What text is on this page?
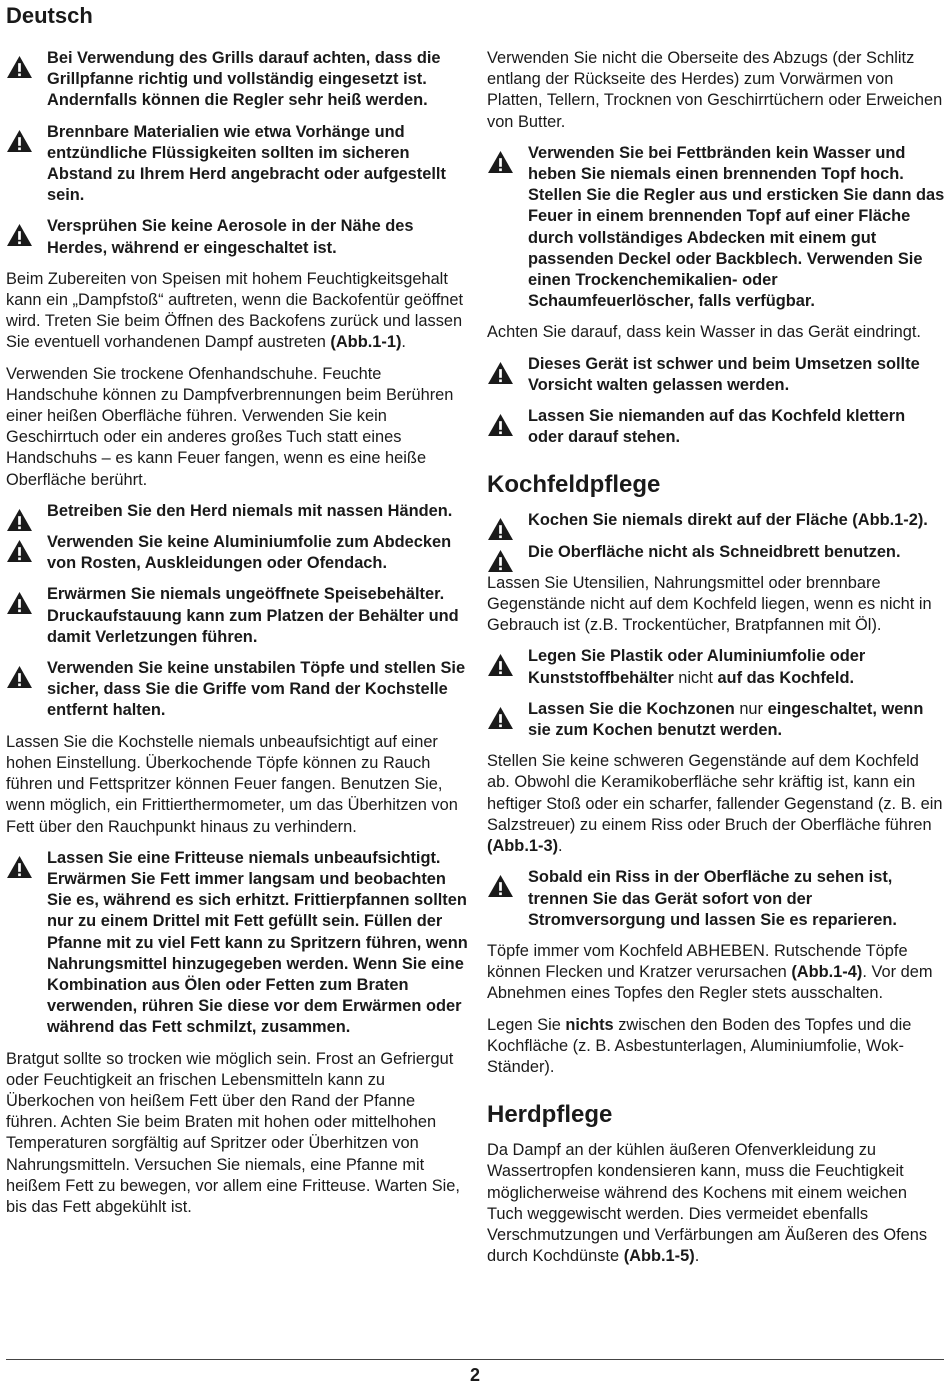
Deutsch
Bei Verwendung des Grills darauf achten, dass die Grillpfanne richtig und vollständig eingesetzt ist. Andernfalls können die Regler sehr heiß werden.
Brennbare Materialien wie etwa Vorhänge und entzündliche Flüssigkeiten sollten im sicheren Abstand zu Ihrem Herd angebracht oder aufgestellt sein.
Versprühen Sie keine Aerosole in der Nähe des Herdes, während er eingeschaltet ist.

Beim Zubereiten von Speisen mit hohem Feuchtigkeitsgehalt kann ein „Dampfstoß“ auftreten, wenn die Backofentür geöffnet wird. Treten Sie beim Öffnen des Backofens zurück und lassen Sie eventuell vorhandenen Dampf austreten (Abb.1-1).

Verwenden Sie trockene Ofenhandschuhe. Feuchte Handschuhe können zu Dampfverbrennungen beim Berühren einer heißen Oberfläche führen. Verwenden Sie kein Geschirrtuch oder ein anderes großes Tuch statt eines Handschuhs – es kann Feuer fangen, wenn es eine heiße Oberfläche berührt.

Betreiben Sie den Herd niemals mit nassen Händen.
Verwenden Sie keine Aluminiumfolie zum Abdecken von Rosten, Auskleidungen oder Ofendach.
Erwärmen Sie niemals ungeöffnete Speisebehälter. Druckaufstauung kann zum Platzen der Behälter und damit Verletzungen führen.
Verwenden Sie keine unstabilen Töpfe und stellen Sie sicher, dass Sie die Griffe vom Rand der Kochstelle entfernt halten.

Lassen Sie die Kochstelle niemals unbeaufsichtigt auf einer hohen Einstellung. Überkochende Töpfe können zu Rauch führen und Fettspritzer können Feuer fangen. Benutzen Sie, wenn möglich, ein Frittierthermometer, um das Überhitzen von Fett über den Rauchpunkt hinaus zu verhindern.

Lassen Sie eine Fritteuse niemals unbeaufsichtigt. Erwärmen Sie Fett immer langsam und beobachten Sie es, während es sich erhitzt. Frittierpfannen sollten nur zu einem Drittel mit Fett gefüllt sein. Füllen der Pfanne mit zu viel Fett kann zu Spritzern führen, wenn Nahrungsmittel hinzugegeben werden. Wenn Sie eine Kombination aus Ölen oder Fetten zum Braten verwenden, rühren Sie diese vor dem Erwärmen oder während das Fett schmilzt, zusammen.

Bratgut sollte so trocken wie möglich sein. Frost an Gefriergut oder Feuchtigkeit an frischen Lebensmitteln kann zu Überkochen von heißem Fett über den Rand der Pfanne führen. Achten Sie beim Braten mit hohen oder mittelhohen Temperaturen sorgfältig auf Spritzer oder Überhitzen von Nahrungsmitteln. Versuchen Sie niemals, eine Pfanne mit heißem Fett zu bewegen, vor allem eine Fritteuse. Warten Sie, bis das Fett abgekühlt ist.

Verwenden Sie nicht die Oberseite des Abzugs (der Schlitz entlang der Rückseite des Herdes) zum Vorwärmen von Platten, Tellern, Trocknen von Geschirrtüchern oder Erweichen von Butter.

Verwenden Sie bei Fettbränden kein Wasser und heben Sie niemals einen brennenden Topf hoch. Stellen Sie die Regler aus und ersticken Sie dann das Feuer in einem brennenden Topf auf einer Fläche durch vollständiges Abdecken mit einem gut passenden Deckel oder Backblech. Verwenden Sie einen Trockenchemikalien- oder Schaumfeuerlöscher, falls verfügbar.

Achten Sie darauf, dass kein Wasser in das Gerät eindringt.

Dieses Gerät ist schwer und beim Umsetzen sollte Vorsicht walten gelassen werden.
Lassen Sie niemanden auf das Kochfeld klettern oder darauf stehen.
Kochfeldpflege
Kochen Sie niemals direkt auf der Fläche (Abb.1-2).
Die Oberfläche nicht als Schneidbrett benutzen.

Lassen Sie Utensilien, Nahrungsmittel oder brennbare Gegenstände nicht auf dem Kochfeld liegen, wenn es nicht in Gebrauch ist (z.B. Trockentücher, Bratpfannen mit Öl).

Legen Sie Plastik oder Aluminiumfolie oder Kunststoffbehälter nicht auf das Kochfeld.
Lassen Sie die Kochzonen nur eingeschaltet, wenn sie zum Kochen benutzt werden.

Stellen Sie keine schweren Gegenstände auf dem Kochfeld ab. Obwohl die Keramikoberfläche sehr kräftig ist, kann ein heftiger Stoß oder ein scharfer, fallender Gegenstand (z. B. ein Salzstreuer) zu einem Riss oder Bruch der Oberfläche führen (Abb.1-3).

Sobald ein Riss in der Oberfläche zu sehen ist, trennen Sie das Gerät sofort von der Stromversorgung und lassen Sie es reparieren.

Töpfe immer vom Kochfeld ABHEBEN. Rutschende Töpfe können Flecken und Kratzer verursachen (Abb.1-4). Vor dem Abnehmen eines Topfes den Regler stets ausschalten.

Legen Sie nichts zwischen den Boden des Topfes und die Kochfläche (z. B. Asbestunterlagen, Aluminiumfolie, Wok-Ständer).

Herdpflege

Da Dampf an der kühlen äußeren Ofenverkleidung zu Wassertropfen kondensieren kann, muss die Feuchtigkeit möglicherweise während des Kochens mit einem weichen Tuch weggewischt werden. Dies vermeidet ebenfalls Verschmutzungen und Verfärbungen am Äußeren des Ofens durch Kochdünste (Abb.1-5).

2
